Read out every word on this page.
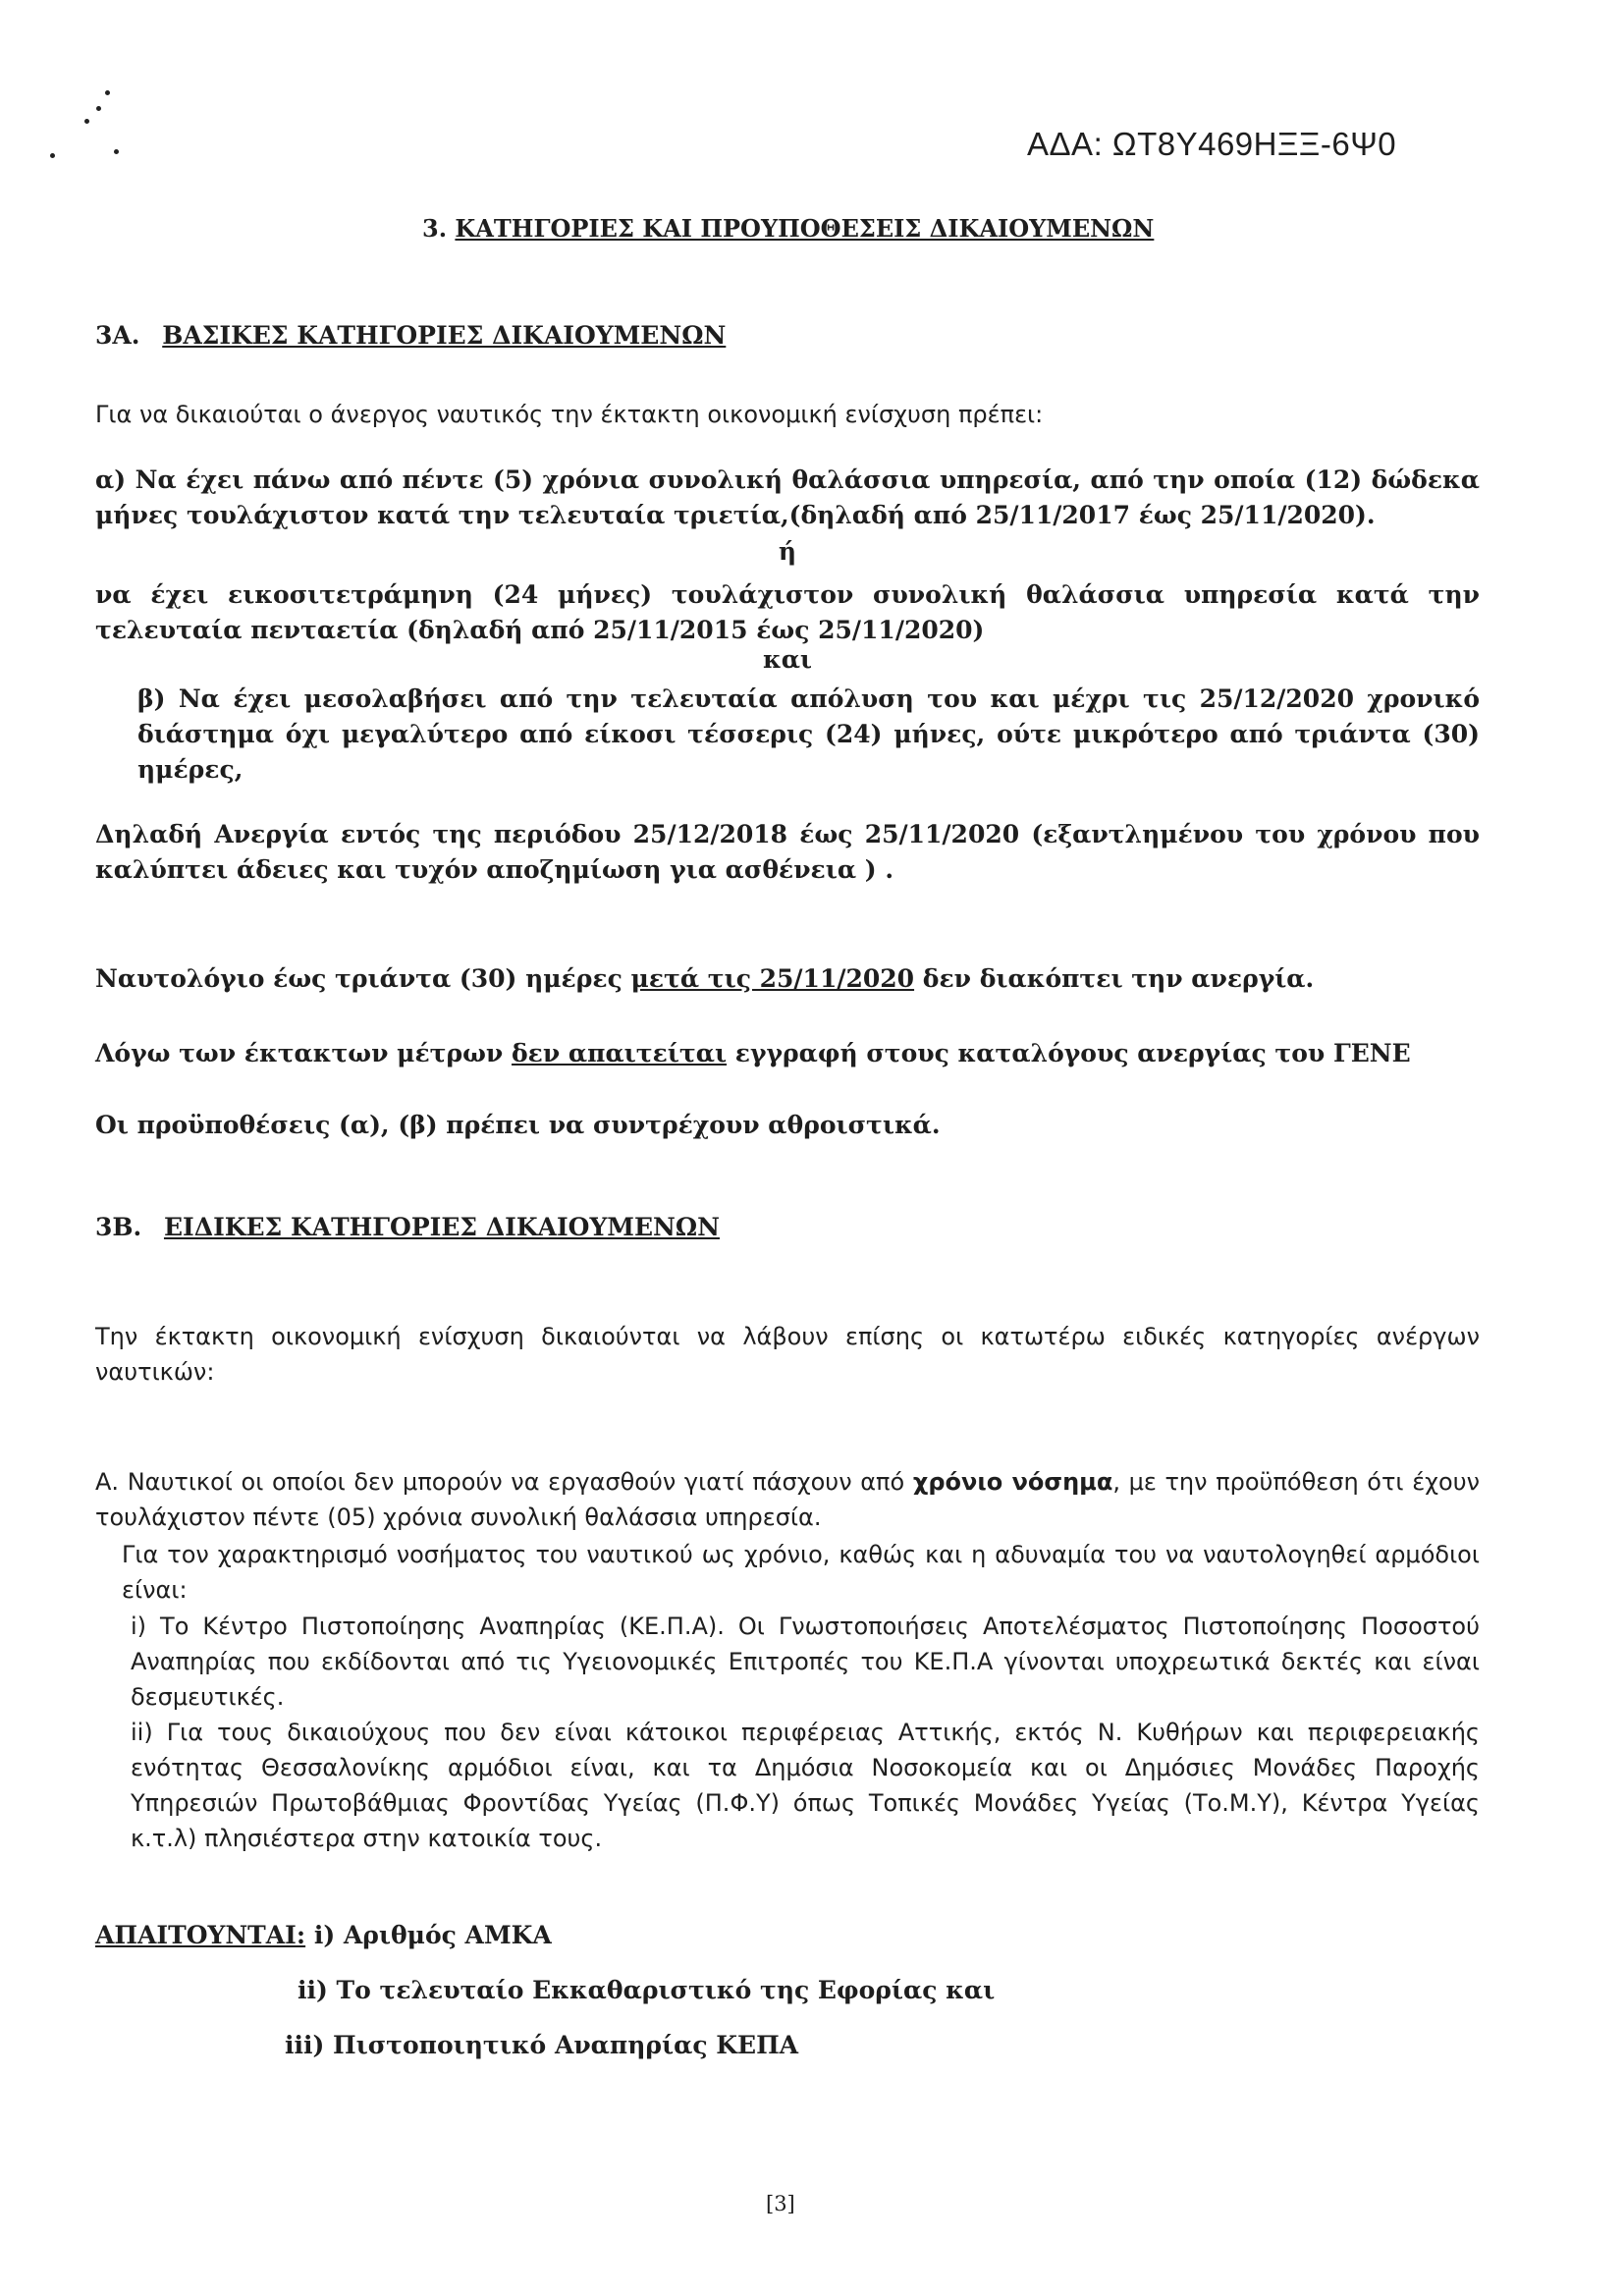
ΑΔΑ: ΩΤ8Υ469ΗΞΞ-6Ψ0
3. ΚΑΤΗΓΟΡΙΕΣ ΚΑΙ ΠΡΟΥΠΟΘΕΣΕΙΣ ΔΙΚΑΙΟΥΜΕΝΩΝ
3Α. ΒΑΣΙΚΕΣ ΚΑΤΗΓΟΡΙΕΣ ΔΙΚΑΙΟΥΜΕΝΩΝ
Για να δικαιούται ο άνεργος ναυτικός την έκτακτη οικονομική ενίσχυση πρέπει:
α) Να έχει πάνω από πέντε (5) χρόνια συνολική θαλάσσια υπηρεσία, από την οποία (12) δώδεκα μήνες τουλάχιστον κατά την τελευταία τριετία,(δηλαδή από 25/11/2017 έως 25/11/2020).
ή
να έχει εικοσιτετράμηνη (24 μήνες) τουλάχιστον συνολική θαλάσσια υπηρεσία κατά την τελευταία πενταετία (δηλαδή από 25/11/2015 έως 25/11/2020)
και
β) Να έχει μεσολαβήσει από την τελευταία απόλυση του και μέχρι τις 25/12/2020 χρονικό διάστημα όχι μεγαλύτερο από είκοσι τέσσερις (24) μήνες, ούτε μικρότερο από τριάντα (30) ημέρες,
Δηλαδή Ανεργία εντός της περιόδου 25/12/2018 έως 25/11/2020 (εξαντλημένου του χρόνου που καλύπτει άδειες και τυχόν αποζημίωση για ασθένεια ) .
Ναυτολόγιο έως τριάντα (30) ημέρες μετά τις 25/11/2020 δεν διακόπτει την ανεργία.
Λόγω των έκτακτων μέτρων δεν απαιτείται εγγραφή στους καταλόγους ανεργίας του ΓΕΝΕ
Οι προϋποθέσεις (α), (β) πρέπει να συντρέχουν αθροιστικά.
3Β. ΕΙΔΙΚΕΣ ΚΑΤΗΓΟΡΙΕΣ ΔΙΚΑΙΟΥΜΕΝΩΝ
Την έκτακτη οικονομική ενίσχυση δικαιούνται να λάβουν επίσης οι κατωτέρω ειδικές κατηγορίες ανέργων ναυτικών:
Α. Ναυτικοί οι οποίοι δεν μπορούν να εργασθούν γιατί πάσχουν από χρόνιο νόσημα, με την προϋπόθεση ότι έχουν τουλάχιστον πέντε (05) χρόνια συνολική θαλάσσια υπηρεσία.
Για τον χαρακτηρισμό νοσήματος του ναυτικού ως χρόνιο, καθώς και η αδυναμία του να ναυτολογηθεί αρμόδιοι είναι:
i) Το Κέντρο Πιστοποίησης Αναπηρίας (ΚΕ.Π.Α). Οι Γνωστοποιήσεις Αποτελέσματος Πιστοποίησης Ποσοστού Αναπηρίας που εκδίδονται από τις Υγειονομικές Επιτροπές του ΚΕ.Π.Α γίνονται υποχρεωτικά δεκτές και είναι δεσμευτικές.
ii) Για τους δικαιούχους που δεν είναι κάτοικοι περιφέρειας Αττικής, εκτός Ν. Κυθήρων και περιφερειακής ενότητας Θεσσαλονίκης αρμόδιοι είναι, και τα Δημόσια Νοσοκομεία και οι Δημόσιες Μονάδες Παροχής Υπηρεσιών Πρωτοβάθμιας Φροντίδας Υγείας (Π.Φ.Υ) όπως Τοπικές Μονάδες Υγείας (Το.Μ.Υ), Κέντρα Υγείας κ.τ.λ) πλησιέστερα στην κατοικία τους.
ΑΠΑΙΤΟΥΝΤΑΙ: i) Αριθμός ΑΜΚΑ
ii) Το τελευταίο Εκκαθαριστικό της Εφορίας και
iii) Πιστοποιητικό Αναπηρίας ΚΕΠΑ
[3]
